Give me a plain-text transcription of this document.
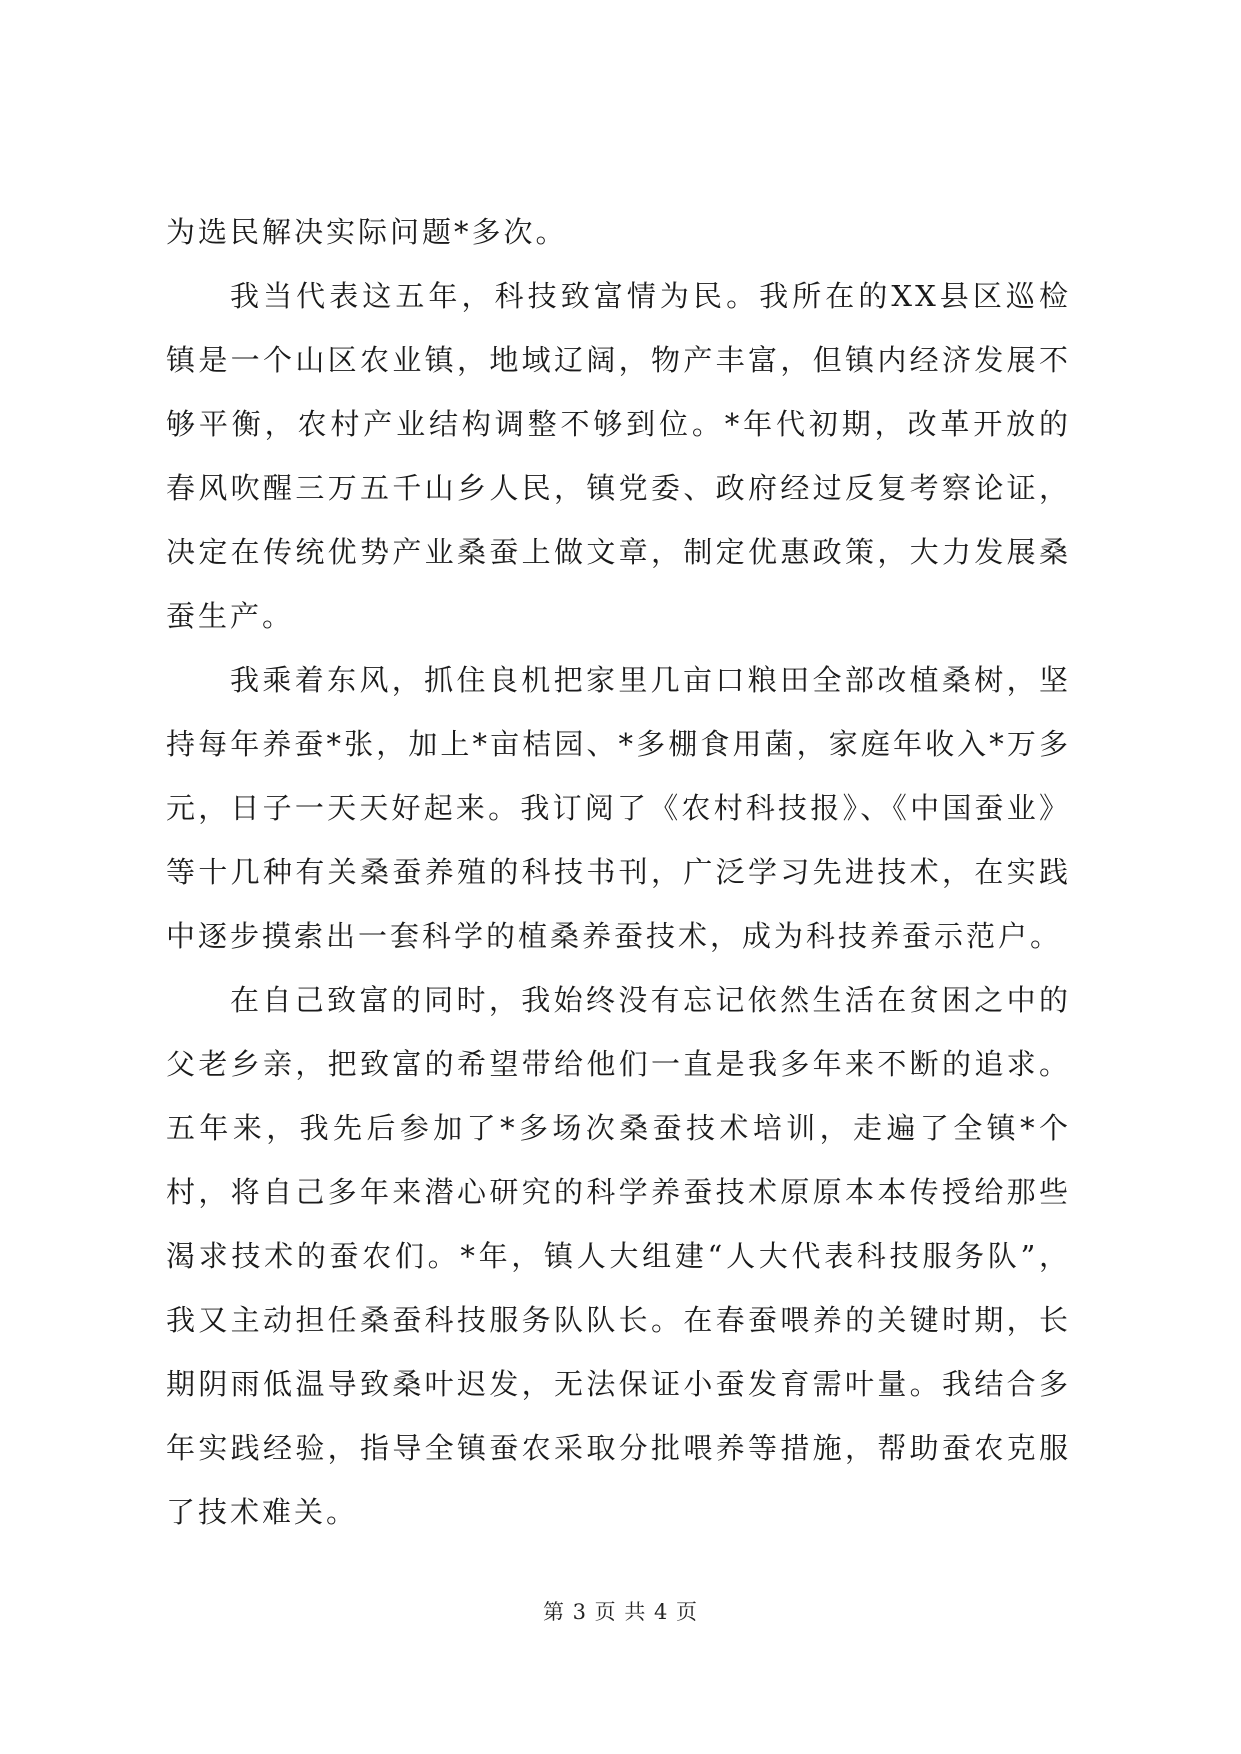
为选民解决实际问题*多次。

我当代表这五年，科技致富情为民。我所在的XX县区巡检镇是一个山区农业镇，地域辽阔，物产丰富，但镇内经济发展不够平衡，农村产业结构调整不够到位。*年代初期，改革开放的春风吹醒三万五千山乡人民，镇党委、政府经过反复考察论证，决定在传统优势产业桑蚕上做文章，制定优惠政策，大力发展桑蚕生产。

我乘着东风，抓住良机把家里几亩口粮田全部改植桑树，坚持每年养蚕*张，加上*亩桔园、*多棚食用菌，家庭年收入*万多元，日子一天天好起来。我订阅了《农村科技报》、《中国蚕业》等十几种有关桑蚕养殖的科技书刊，广泛学习先进技术，在实践中逐步摸索出一套科学的植桑养蚕技术，成为科技养蚕示范户。

在自己致富的同时，我始终没有忘记依然生活在贫困之中的父老乡亲，把致富的希望带给他们一直是我多年来不断的追求。五年来，我先后参加了*多场次桑蚕技术培训，走遍了全镇*个村，将自己多年来潜心研究的科学养蚕技术原原本本传授给那些渴求技术的蚕农们。*年，镇人大组建“人大代表科技服务队”，我又主动担任桑蚕科技服务队队长。在春蚕喂养的关键时期，长期阴雨低温导致桑叶迟发，无法保证小蚕发育需叶量。我结合多年实践经验，指导全镇蚕农采取分批喂养等措施，帮助蚕农克服了技术难关。

第 3 页 共 4 页
